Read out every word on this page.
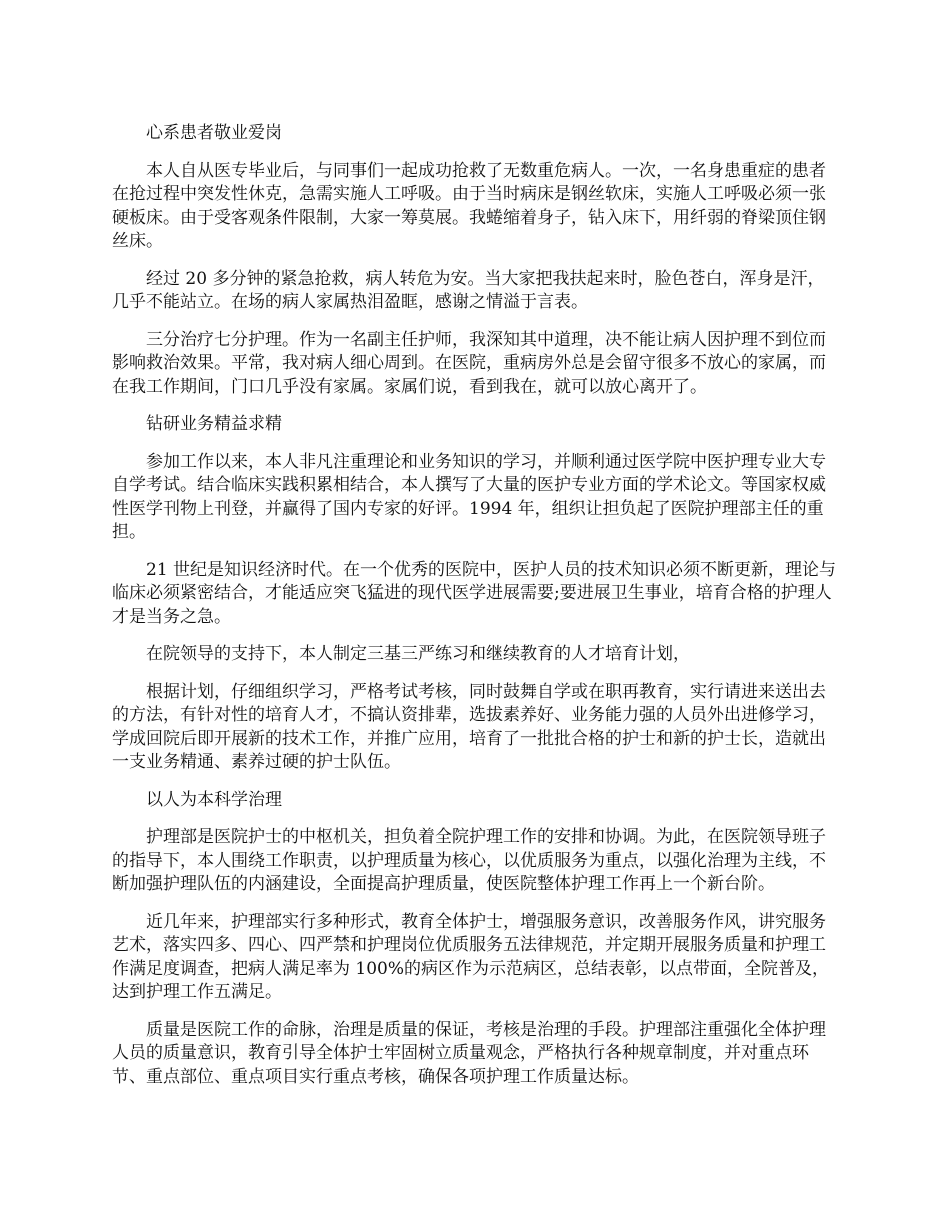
心系患者敬业爱岗

本人自从医专毕业后，与同事们一起成功抢救了无数重危病人。一次，一名身患重症的患者在抢过程中突发性休克，急需实施人工呼吸。由于当时病床是钢丝软床，实施人工呼吸必须一张硬板床。由于受客观条件限制，大家一筹莫展。我蜷缩着身子，钻入床下，用纤弱的脊梁顶住钢丝床。

经过 20 多分钟的紧急抢救，病人转危为安。当大家把我扶起来时，脸色苍白，浑身是汗，几乎不能站立。在场的病人家属热泪盈眶，感谢之情溢于言表。

三分治疗七分护理。作为一名副主任护师，我深知其中道理，决不能让病人因护理不到位而影响救治效果。平常，我对病人细心周到。在医院，重病房外总是会留守很多不放心的家属，而在我工作期间，门口几乎没有家属。家属们说，看到我在，就可以放心离开了。

钻研业务精益求精

参加工作以来，本人非凡注重理论和业务知识的学习，并顺利通过医学院中医护理专业大专自学考试。结合临床实践积累相结合，本人撰写了大量的医护专业方面的学术论文。等国家权威性医学刊物上刊登，并赢得了国内专家的好评。1994 年，组织让担负起了医院护理部主任的重担。

21 世纪是知识经济时代。在一个优秀的医院中，医护人员的技术知识必须不断更新，理论与临床必须紧密结合，才能适应突飞猛进的现代医学进展需要;要进展卫生事业，培育合格的护理人才是当务之急。

在院领导的支持下，本人制定三基三严练习和继续教育的人才培育计划，

根据计划，仔细组织学习，严格考试考核，同时鼓舞自学或在职再教育，实行请进来送出去的方法，有针对性的培育人才，不搞认资排辈，选拔素养好、业务能力强的人员外出进修学习，学成回院后即开展新的技术工作，并推广应用，培育了一批批合格的护士和新的护士长，造就出一支业务精通、素养过硬的护士队伍。

以人为本科学治理

护理部是医院护士的中枢机关，担负着全院护理工作的安排和协调。为此，在医院领导班子的指导下，本人围绕工作职责，以护理质量为核心，以优质服务为重点，以强化治理为主线，不断加强护理队伍的内涵建设，全面提高护理质量，使医院整体护理工作再上一个新台阶。

近几年来，护理部实行多种形式，教育全体护士，增强服务意识，改善服务作风，讲究服务艺术，落实四多、四心、四严禁和护理岗位优质服务五法律规范，并定期开展服务质量和护理工作满足度调查，把病人满足率为 100%的病区作为示范病区，总结表彰，以点带面，全院普及，达到护理工作五满足。

质量是医院工作的命脉，治理是质量的保证，考核是治理的手段。护理部注重强化全体护理人员的质量意识，教育引导全体护士牢固树立质量观念，严格执行各种规章制度，并对重点环节、重点部位、重点项目实行重点考核，确保各项护理工作质量达标。
